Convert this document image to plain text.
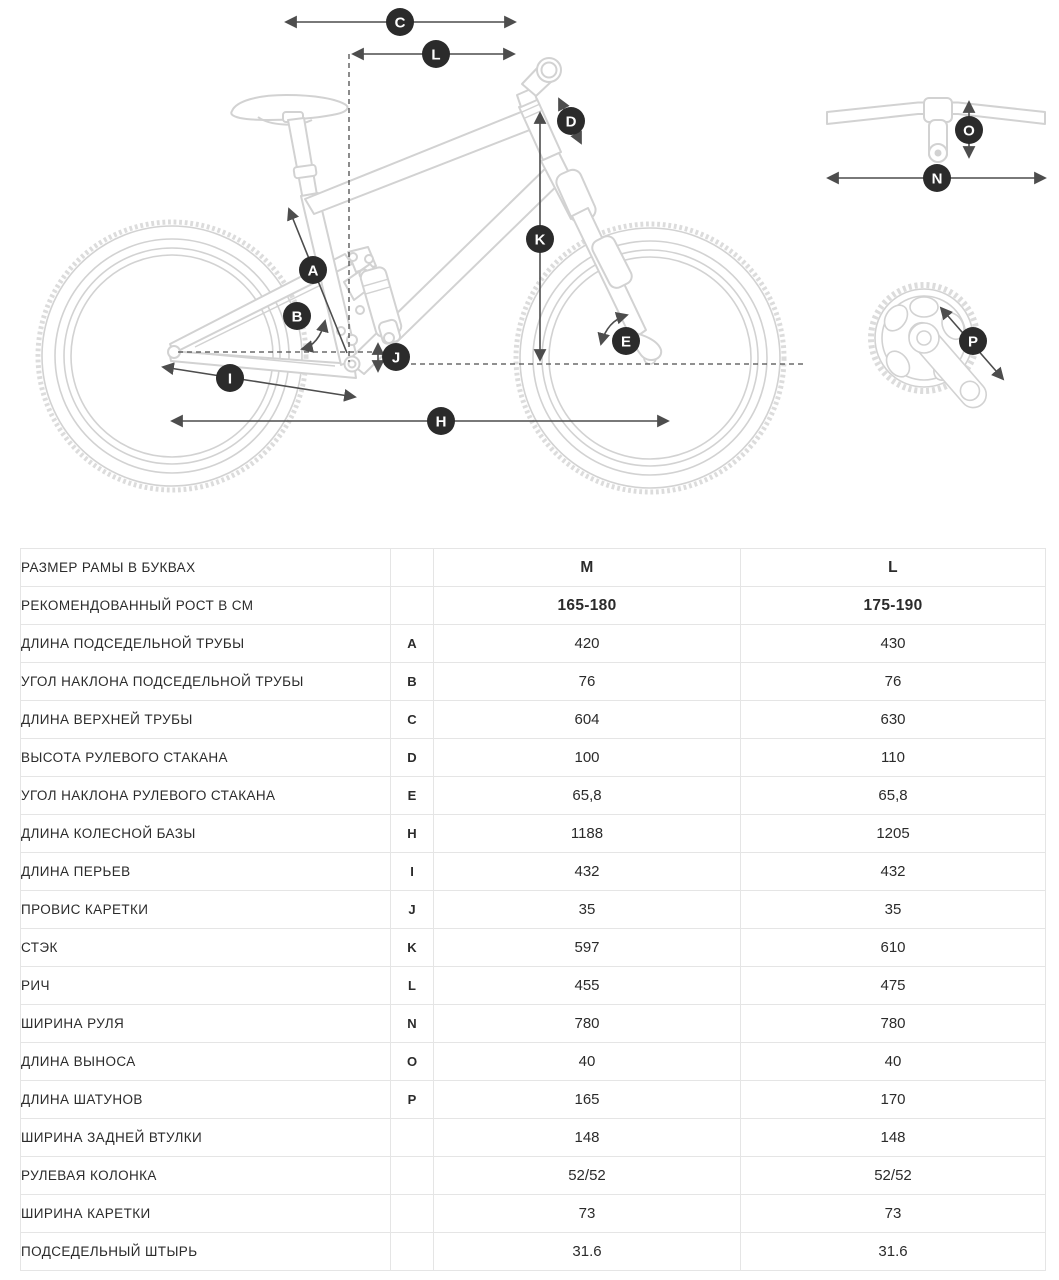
C
L
D
K
A
B
J
I
H
E
O
N
P
РАЗМЕР РАМЫ В БУКВАХ		M	L
РЕКОМЕНДОВАННЫЙ РОСТ В СМ		165-180	175-190
ДЛИНА ПОДСЕДЕЛЬНОЙ ТРУБЫ	A	420	430
УГОЛ НАКЛОНА ПОДСЕДЕЛЬНОЙ ТРУБЫ	B	76	76
ДЛИНА ВЕРХНЕЙ ТРУБЫ	C	604	630
ВЫСОТА РУЛЕВОГО СТАКАНА	D	100	110
УГОЛ НАКЛОНА РУЛЕВОГО СТАКАНА	E	65,8	65,8
ДЛИНА КОЛЕСНОЙ БАЗЫ	H	1188	1205
ДЛИНА ПЕРЬЕВ	I	432	432
ПРОВИС КАРЕТКИ	J	35	35
СТЭК	K	597	610
РИЧ	L	455	475
ШИРИНА РУЛЯ	N	780	780
ДЛИНА ВЫНОСА	O	40	40
ДЛИНА ШАТУНОВ	P	165	170
ШИРИНА ЗАДНЕЙ ВТУЛКИ		148	148
РУЛЕВАЯ КОЛОНКА		52/52	52/52
ШИРИНА КАРЕТКИ		73	73
ПОДСЕДЕЛЬНЫЙ ШТЫРЬ		31.6	31.6
